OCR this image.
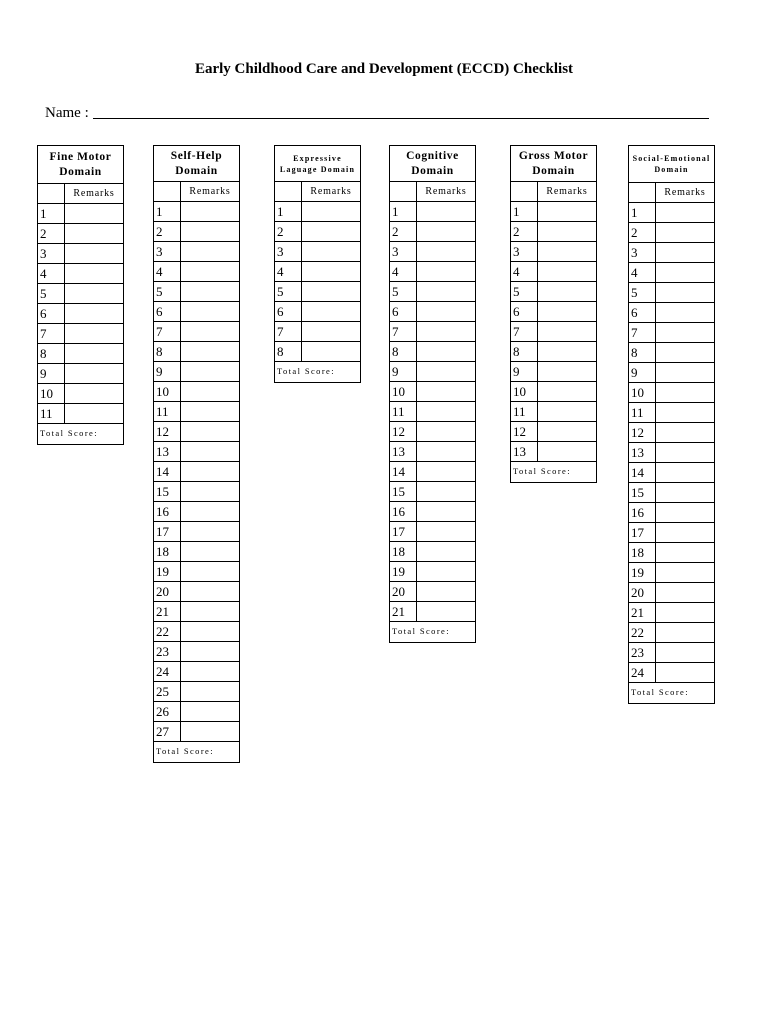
Early Childhood Care and Development (ECCD) Checklist
Name :
Fine Motor Domain
Remarks
1
2
3
4
5
6
7
8
9
10
11
Total Score:
Self-Help Domain
Remarks
1
2
3
4
5
6
7
8
9
10
11
12
13
14
15
16
17
18
19
20
21
22
23
24
25
26
27
Total Score:
Expressive Laguage Domain
Remarks
1
2
3
4
5
6
7
8
Total Score:
Cognitive Domain
Remarks
1
2
3
4
5
6
7
8
9
10
11
12
13
14
15
16
17
18
19
20
21
Total Score:
Gross Motor Domain
Remarks
1
2
3
4
5
6
7
8
9
10
11
12
13
Total Score:
Social-Emotional Domain
Remarks
1
2
3
4
5
6
7
8
9
10
11
12
13
14
15
16
17
18
19
20
21
22
23
24
Total Score:
